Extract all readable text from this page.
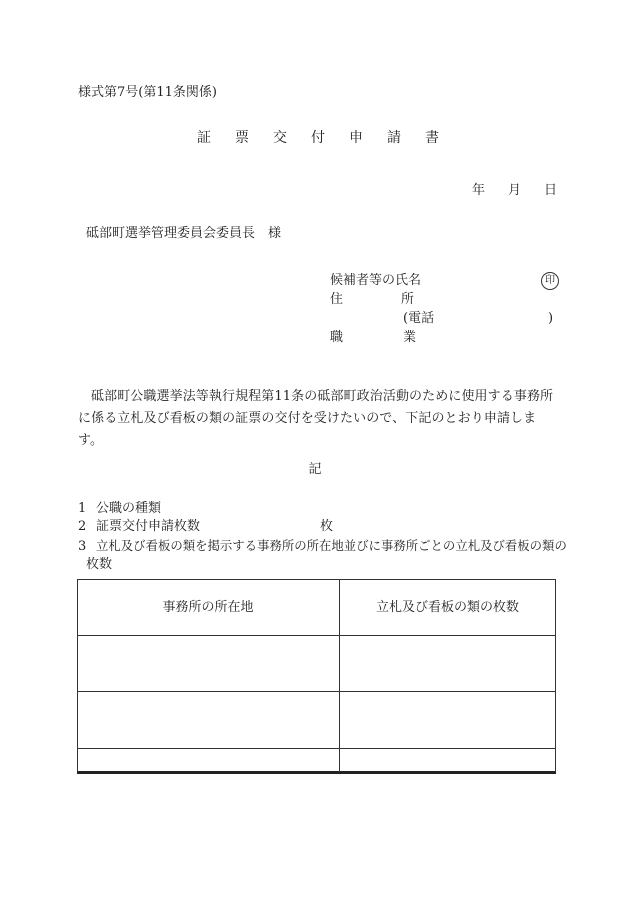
様式第7号(第11条関係)
証 票 交 付 申 請 書
年 月 日
砥部町選挙管理委員会委員長　様
候補者等の氏名	印
住	所
(電話	)
職	業
砥部町公職選挙法等執行規程第11条の砥部町政治活動のために使用する事務所に係る立札及び看板の類の証票の交付を受けたいので、下記のとおり申請します。
記
1 公職の種類
2 証票交付申請枚数	枚
3 立札及び看板の類を掲示する事務所の所在地並びに事務所ごとの立札及び看板の類の
枚数
事務所の所在地	立札及び看板の類の枚数
